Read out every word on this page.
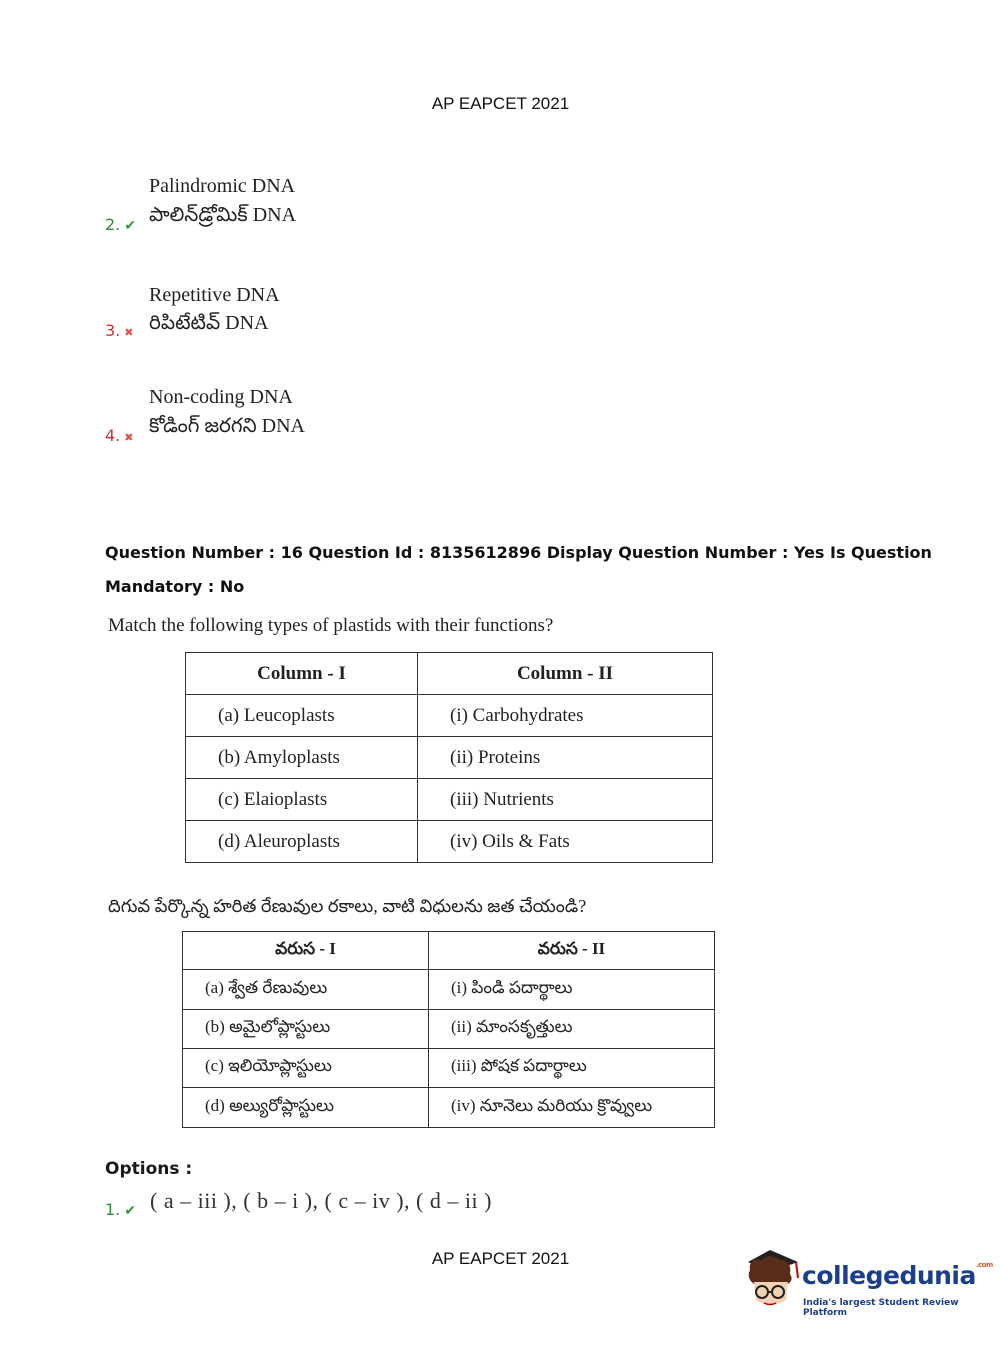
AP EAPCET 2021
Palindromic DNA
పాలిన్‌డ్రోమిక్ DNA
2. ✔
Repetitive DNA
రిపిటేటివ్ DNA
3. ✖
Non-coding DNA
కోడింగ్ జరగని DNA
4. ✖
Question Number : 16 Question Id : 8135612896 Display Question Number : Yes Is Question
Mandatory : No
Match the following types of plastids with their functions?
Column - I	Column - II
(a) Leucoplasts	(i) Carbohydrates
(b) Amyloplasts	(ii) Proteins
(c) Elaioplasts	(iii) Nutrients
(d) Aleuroplasts	(iv) Oils & Fats
దిగువ పేర్కొన్న హరిత రేణువుల రకాలు, వాటి విధులను జత చేయండి?
వరుస - I	వరుస - II
(a) శ్వేత రేణువులు	(i) పిండి పదార్థాలు
(b) అమైలోప్లాస్టులు	(ii) మాంసకృత్తులు
(c) ఇలియోప్లాస్టులు	(iii) పోషక పదార్థాలు
(d) అల్యురోప్లాస్టులు	(iv) నూనెలు మరియు క్రొవ్వులు
Options :
1. ✔ ( a – iii ), ( b – i ), ( c – iv ), ( d – ii )
AP EAPCET 2021
collegedunia$^{.com}$
India's largest Student Review Platform
